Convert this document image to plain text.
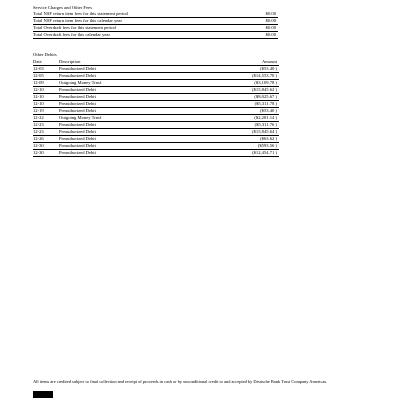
Service Charges and Other Fees
Total NSF return item fees for this statement period	$0.00
Total NSF return item fees for this calendar year	$0.00
Total Overdraft fees for this statement period	$0.00
Total Overdraft fees for this calendar year	$0.00
Other Debits
Date	Description	Amount
12-03	Preauthorized Debit	($53.40 )
12-05	Preauthorized Debit	($14,553.70 )
12-09	Outgoing Money Trnsf	($3,109.78 )
12-10	Preauthorized Debit	($15,845.62 )
12-10	Preauthorized Debit	($8,025.67 )
12-10	Preauthorized Debit	($5,311.78 )
12-19	Preauthorized Debit	($53.40 )
12-22	Outgoing Money Trnsf	($2,281.14 )
12-23	Preauthorized Debit	($5,311.76 )
12-23	Preauthorized Debit	($15,845.64 )
12-26	Preauthorized Debit	($63.62 )
12-30	Preauthorized Debit	($593.56 )
12-30	Preauthorized Debit	($12,454.71 )
All items are credited subject to final collection and receipt of proceeds in cash or by unconditional credit to and accepted by Deutsche Bank Trust Company Americas.
